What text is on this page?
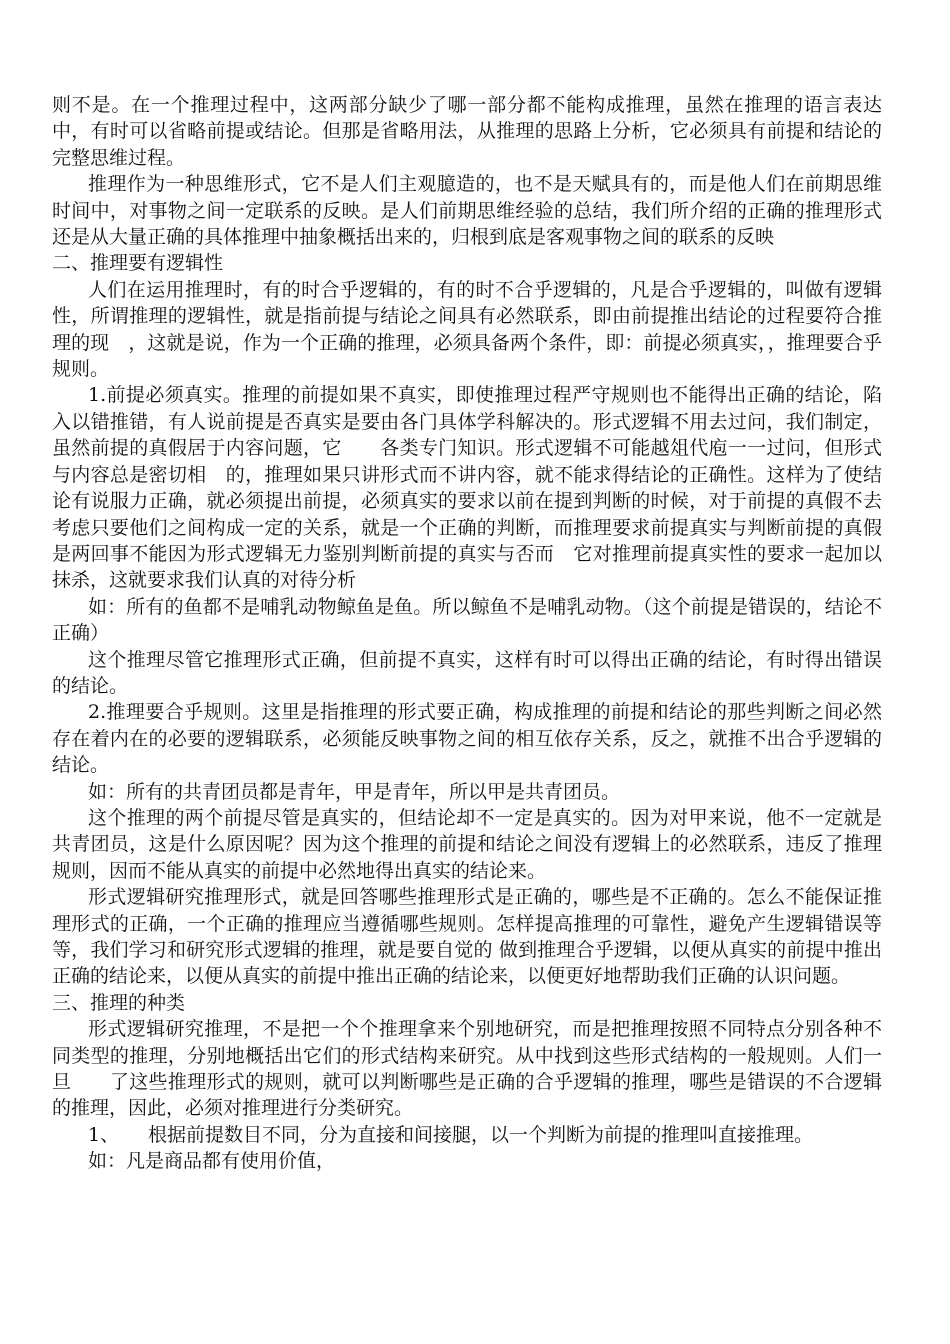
则不是。在一个推理过程中，这两部分缺少了哪一部分都不能构成推理，虽然在推理的语言表达中，有时可以省略前提或结论。但那是省略用法，从推理的思路上分析，它必须具有前提和结论的完整思维过程。

推理作为一种思维形式，它不是人们主观臆造的，也不是天赋具有的，而是他人们在前期思维时间中，对事物之间一定联系的反映。是人们前期思维经验的总结，我们所介绍的正确的推理形式还是从大量正确的具体推理中抽象概括出来的，归根到底是客观事物之间的联系的反映

二、推理要有逻辑性

人们在运用推理时，有的时合乎逻辑的，有的时不合乎逻辑的，凡是合乎逻辑的，叫做有逻辑性，所谓推理的逻辑性，就是指前提与结论之间具有必然联系，即由前提推出结论的过程要符合推理的现　，这就是说，作为一个正确的推理，必须具备两个条件，即：前提必须真实，，推理要合乎规则。

1.前提必须真实。推理的前提如果不真实，即使推理过程严守规则也不能得出正确的结论，陷入以错推错，有人说前提是否真实是要由各门具体学科解决的。形式逻辑不用去过问，我们制定，虽然前提的真假居于内容问题，它　　各类专门知识。形式逻辑不可能越俎代庖一一过问，但形式与内容总是密切相　的，推理如果只讲形式而不讲内容，就不能求得结论的正确性。这样为了使结论有说服力正确，就必须提出前提，必须真实的要求以前在提到判断的时候，对于前提的真假不去考虑只要他们之间构成一定的关系，就是一个正确的判断，而推理要求前提真实与判断前提的真假是两回事不能因为形式逻辑无力鉴别判断前提的真实与否而　它对推理前提真实性的要求一起加以抹杀，这就要求我们认真的对待分析

如：所有的鱼都不是哺乳动物鲸鱼是鱼。所以鲸鱼不是哺乳动物。（这个前提是错误的，结论不正确）

这个推理尽管它推理形式正确，但前提不真实，这样有时可以得出正确的结论，有时得出错误的结论。

2.推理要合乎规则。这里是指推理的形式要正确，构成推理的前提和结论的那些判断之间必然存在着内在的必要的逻辑联系，必须能反映事物之间的相互依存关系，反之，就推不出合乎逻辑的结论。

如：所有的共青团员都是青年，甲是青年，所以甲是共青团员。

这个推理的两个前提尽管是真实的，但结论却不一定是真实的。因为对甲来说，他不一定就是共青团员，这是什么原因呢？因为这个推理的前提和结论之间没有逻辑上的必然联系，违反了推理规则，因而不能从真实的前提中必然地得出真实的结论来。

形式逻辑研究推理形式，就是回答哪些推理形式是正确的，哪些是不正确的。怎么不能保证推理形式的正确，一个正确的推理应当遵循哪些规则。怎样提高推理的可靠性，避免产生逻辑错误等等，我们学习和研究形式逻辑的推理，就是要自觉的 做到推理合乎逻辑，以便从真实的前提中推出正确的结论来，以便从真实的前提中推出正确的结论来，以便更好地帮助我们正确的认识问题。

三、推理的种类

形式逻辑研究推理，不是把一个个推理拿来个别地研究，而是把推理按照不同特点分别各种不同类型的推理，分别地概括出它们的形式结构来研究。从中找到这些形式结构的一般规则。人们一旦　　了这些推理形式的规则，就可以判断哪些是正确的合乎逻辑的推理，哪些是错误的不合逻辑的推理，因此，必须对推理进行分类研究。

1、	根据前提数目不同，分为直接和间接腿，以一个判断为前提的推理叫直接推理。

如：凡是商品都有使用价值，
